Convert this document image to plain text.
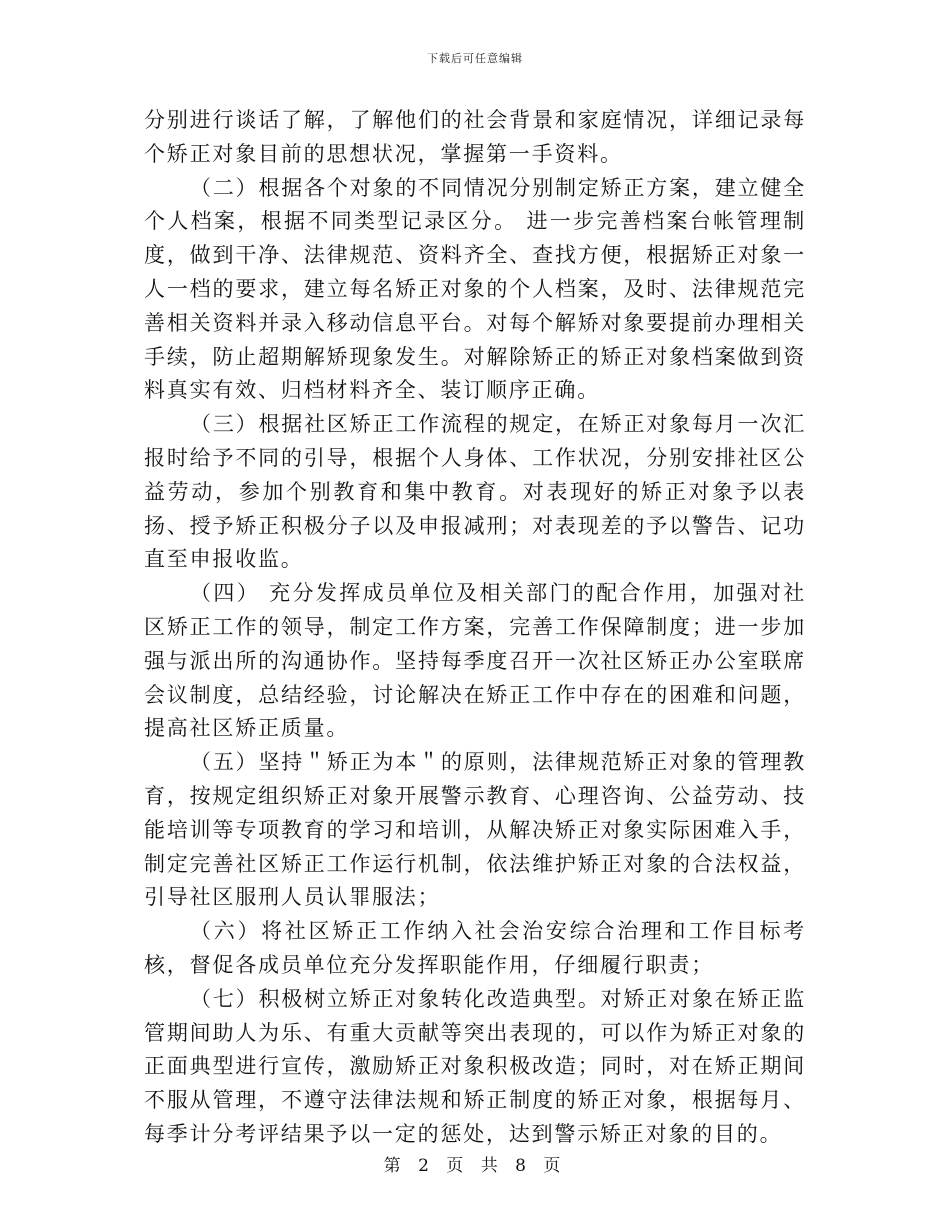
下载后可任意编辑

分别进行谈话了解，了解他们的社会背景和家庭情况，详细记录每个矫正对象目前的思想状况，掌握第一手资料。

（二）根据各个对象的不同情况分别制定矫正方案，建立健全个人档案，根据不同类型记录区分。 进一步完善档案台帐管理制度，做到干净、法律规范、资料齐全、查找方便，根据矫正对象一人一档的要求，建立每名矫正对象的个人档案，及时、法律规范完善相关资料并录入移动信息平台。对每个解矫对象要提前办理相关手续，防止超期解矫现象发生。对解除矫正的矫正对象档案做到资料真实有效、归档材料齐全、装订顺序正确。

（三）根据社区矫正工作流程的规定，在矫正对象每月一次汇报时给予不同的引导，根据个人身体、工作状况，分别安排社区公益劳动，参加个别教育和集中教育。对表现好的矫正对象予以表扬、授予矫正积极分子以及申报减刑；对表现差的予以警告、记功直至申报收监。

（四） 充分发挥成员单位及相关部门的配合作用，加强对社区矫正工作的领导，制定工作方案，完善工作保障制度；进一步加强与派出所的沟通协作。坚持每季度召开一次社区矫正办公室联席会议制度，总结经验，讨论解决在矫正工作中存在的困难和问题，提高社区矫正质量。

（五）坚持＂矫正为本＂的原则，法律规范矫正对象的管理教育，按规定组织矫正对象开展警示教育、心理咨询、公益劳动、技能培训等专项教育的学习和培训，从解决矫正对象实际困难入手，制定完善社区矫正工作运行机制，依法维护矫正对象的合法权益，引导社区服刑人员认罪服法；

（六）将社区矫正工作纳入社会治安综合治理和工作目标考核，督促各成员单位充分发挥职能作用，仔细履行职责；

（七）积极树立矫正对象转化改造典型。对矫正对象在矫正监管期间助人为乐、有重大贡献等突出表现的，可以作为矫正对象的正面典型进行宣传，激励矫正对象积极改造；同时，对在矫正期间不服从管理，不遵守法律法规和矫正制度的矫正对象，根据每月、每季计分考评结果予以一定的惩处，达到警示矫正对象的目的。

第 2 页 共 8 页
